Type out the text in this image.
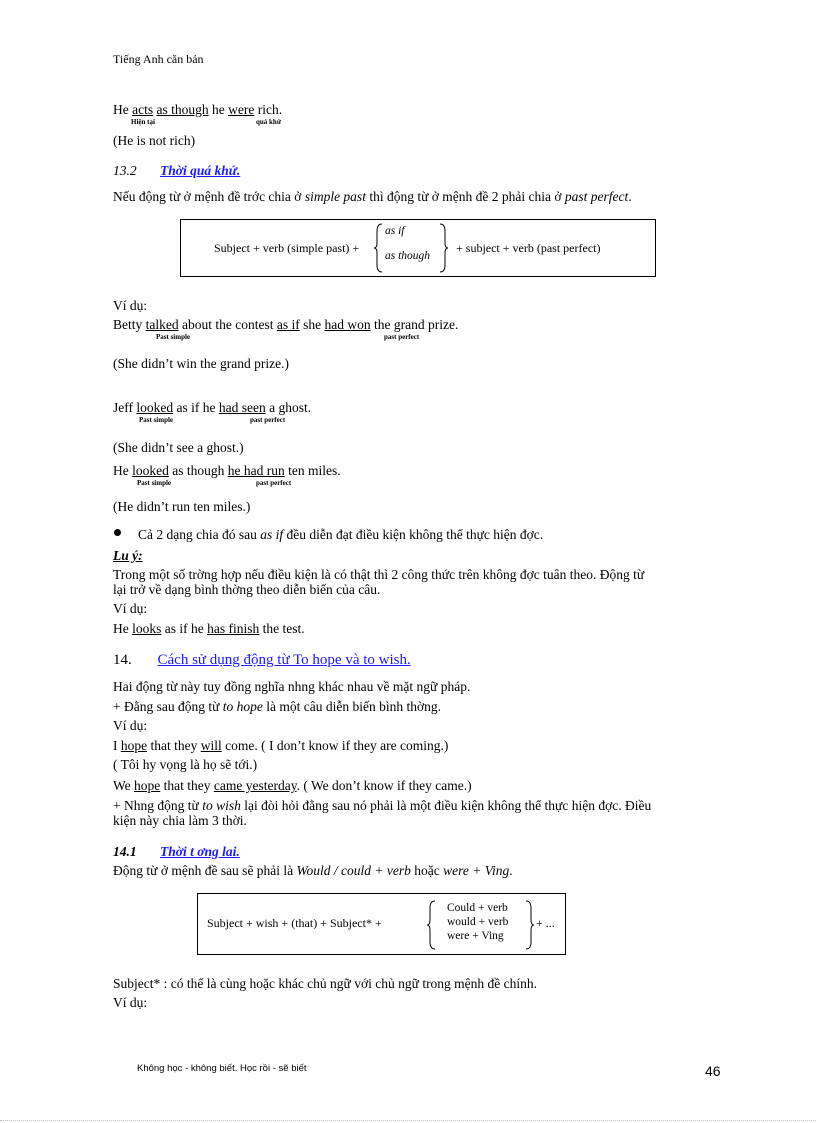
Tiếng Anh căn bản
He acts as though he were rich.
Hiện tại	quá khứ
(He is not rich)
13.2 Thời quá khứ.
Nếu động từ ở mệnh đề trớc chia ở simple past thì động từ ở mệnh đề 2 phải chia ở past perfect.
Subject + verb (simple past) +
as if
as though
+ subject + verb (past perfect)
Ví dụ:
Betty talked about the contest as if she had won the grand prize.
Past simple	past perfect
(She didn’t win the grand prize.)
Jeff looked as if he had seen a ghost.
Past simple	past perfect
(She didn’t see a ghost.)
He looked as though he had run ten miles.
Past simple	past perfect
(He didn’t run ten miles.)
Cả 2 dạng chia đó sau as if đều diễn đạt điều kiện không thể thực hiện đợc.
Lu ý:
Trong một số trờng hợp nếu điều kiện là có thật thì 2 công thức trên không đợc tuân theo. Động từ
lại trở về dạng bình thờng theo diễn biến của câu.
Ví dụ:
He looks as if he has finish the test.
14. Cách sử dụng động từ To hope và to wish.
Hai động từ này tuy đồng nghĩa nhng khác nhau về mặt ngữ pháp.
+ Đằng sau động từ to hope là một câu diễn biến bình thờng.
Ví dụ:
I hope that they will come. ( I don’t know if they are coming.)
( Tôi hy vọng là họ sẽ tới.)
We hope that they came yesterday. ( We don’t know if they came.)
+ Nhng động từ to wish lại đòi hỏi đằng sau nó phải là một điều kiện không thể thực hiện đợc. Điều
kiện này chia làm 3 thời.
14.1 Thời t ơng lai.
Động từ ở mệnh đề sau sẽ phải là Would / could + verb hoặc were + Ving.
Subject + wish + (that) + Subject* +
Could + verb
would + verb
were + Ving
+ ...
Subject* : có thể là cùng hoặc khác chủ ngữ với chủ ngữ trong mệnh đề chính.
Ví dụ:
Không học - không biết. Học rồi - sẽ biết	46
